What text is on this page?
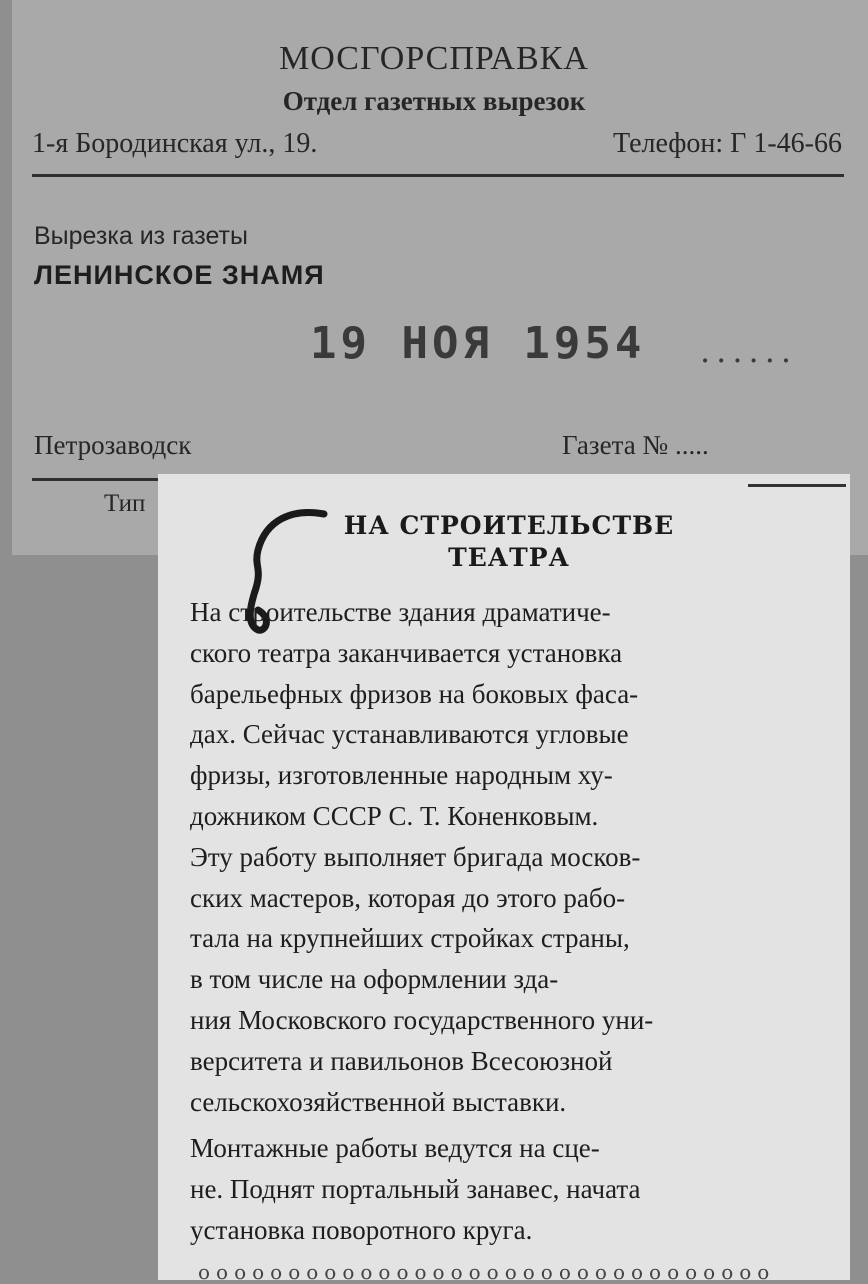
МОСГОРСПРАВКА
Отдел газетных вырезок
1-я Бородинская ул., 19.	Телефон: Г 1-46-66
Вырезка из газеты
ЛЕНИНСКОЕ ЗНАМЯ
19 НОЯ 1954 ......
Петрозаводск	Газета № .....
Тип
НА СТРОИТЕЛЬСТВЕ
ТЕАТРА
На строительстве здания драматиче-
ского театра заканчивается установка
барельефных фризов на боковых фаса-
дах. Сейчас устанавливаются угловые
фризы, изготовленные народным ху-
дожником СССР С. Т. Коненковым.
Эту работу выполняет бригада москов-
ских мастеров, которая до этого рабо-
тала на крупнейших стройках страны,
в том числе на оформлении зда-
ния Московского государственного уни-
верситета и павильонов Всесоюзной
сельскохозяйственной выставки.
Монтажные работы ведутся на сце-
не. Поднят портальный занавес, начата
установка поворотного круга.
oooooooooooooooooooooooooooooooo
